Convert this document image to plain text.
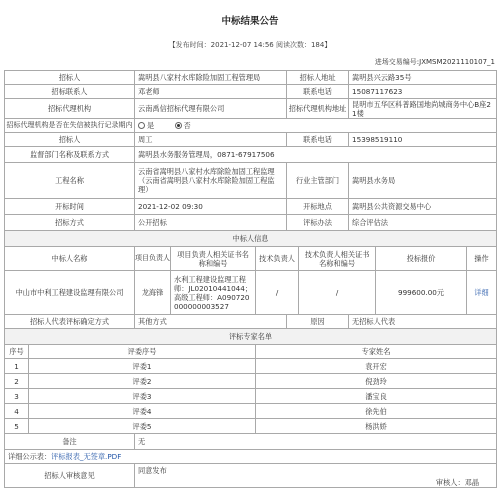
中标结果公告
【发布时间：2021-12-07 14:56 阅读次数：184】
进场交易编号:JXMSM2021110107_1
招标人		嵩明县八家村水库除险加固工程管理局			招标人地址		嵩明县兴云路35号		
招标联系人		邓老师			联系电话		15087117623		
招标代理机构		云南禹信招标代理有限公司			招标代理机构地址		昆明市五华区科普路国地尚城商务中心B座21楼		
招标代理机构是否在失信被执行记录期内		是
否							

招标人		周工			联系电话		15398519110		
监督部门名称及联系方式		嵩明县水务服务管理局，0871-67917506							
工程名称		云南省嵩明县八家村水库除险加固工程监理（云南省嵩明县八家村水库除险加固工程监理）			行业主管部门		嵩明县水务局		
开标时间		2021-12-02 09:30			开标地点		嵩明县公共资源交易中心		
招标方式		公开招标			评标办法		综合评估法		
中标人信息									
中标人名称		项目负责人	项目负责人相关证书名称和编号	技术负责人		技术负责人相关证书名称和编号		投标报价	操作
中山市中利工程建设监理有限公司		龙海锋	水利工程建设监理工程师：JL02010441044；高级工程师：A090720000000003527	/		/		999600.00元	详细
招标人代表评标确定方式		其他方式			原因		无招标人代表		
评标专家名单									
序号	评委序号			专家姓名					
1	评委1			袁开宏					
2	评委2			倪劲玲					
3	评委3			潘宝良					
4	评委4			徐先伯					
5	评委5			杨洪娇					
备注		无							
详细公示表：评标报表_无签章.PDF									
招标人审核意见		同意发布
审核人：邓晶							
